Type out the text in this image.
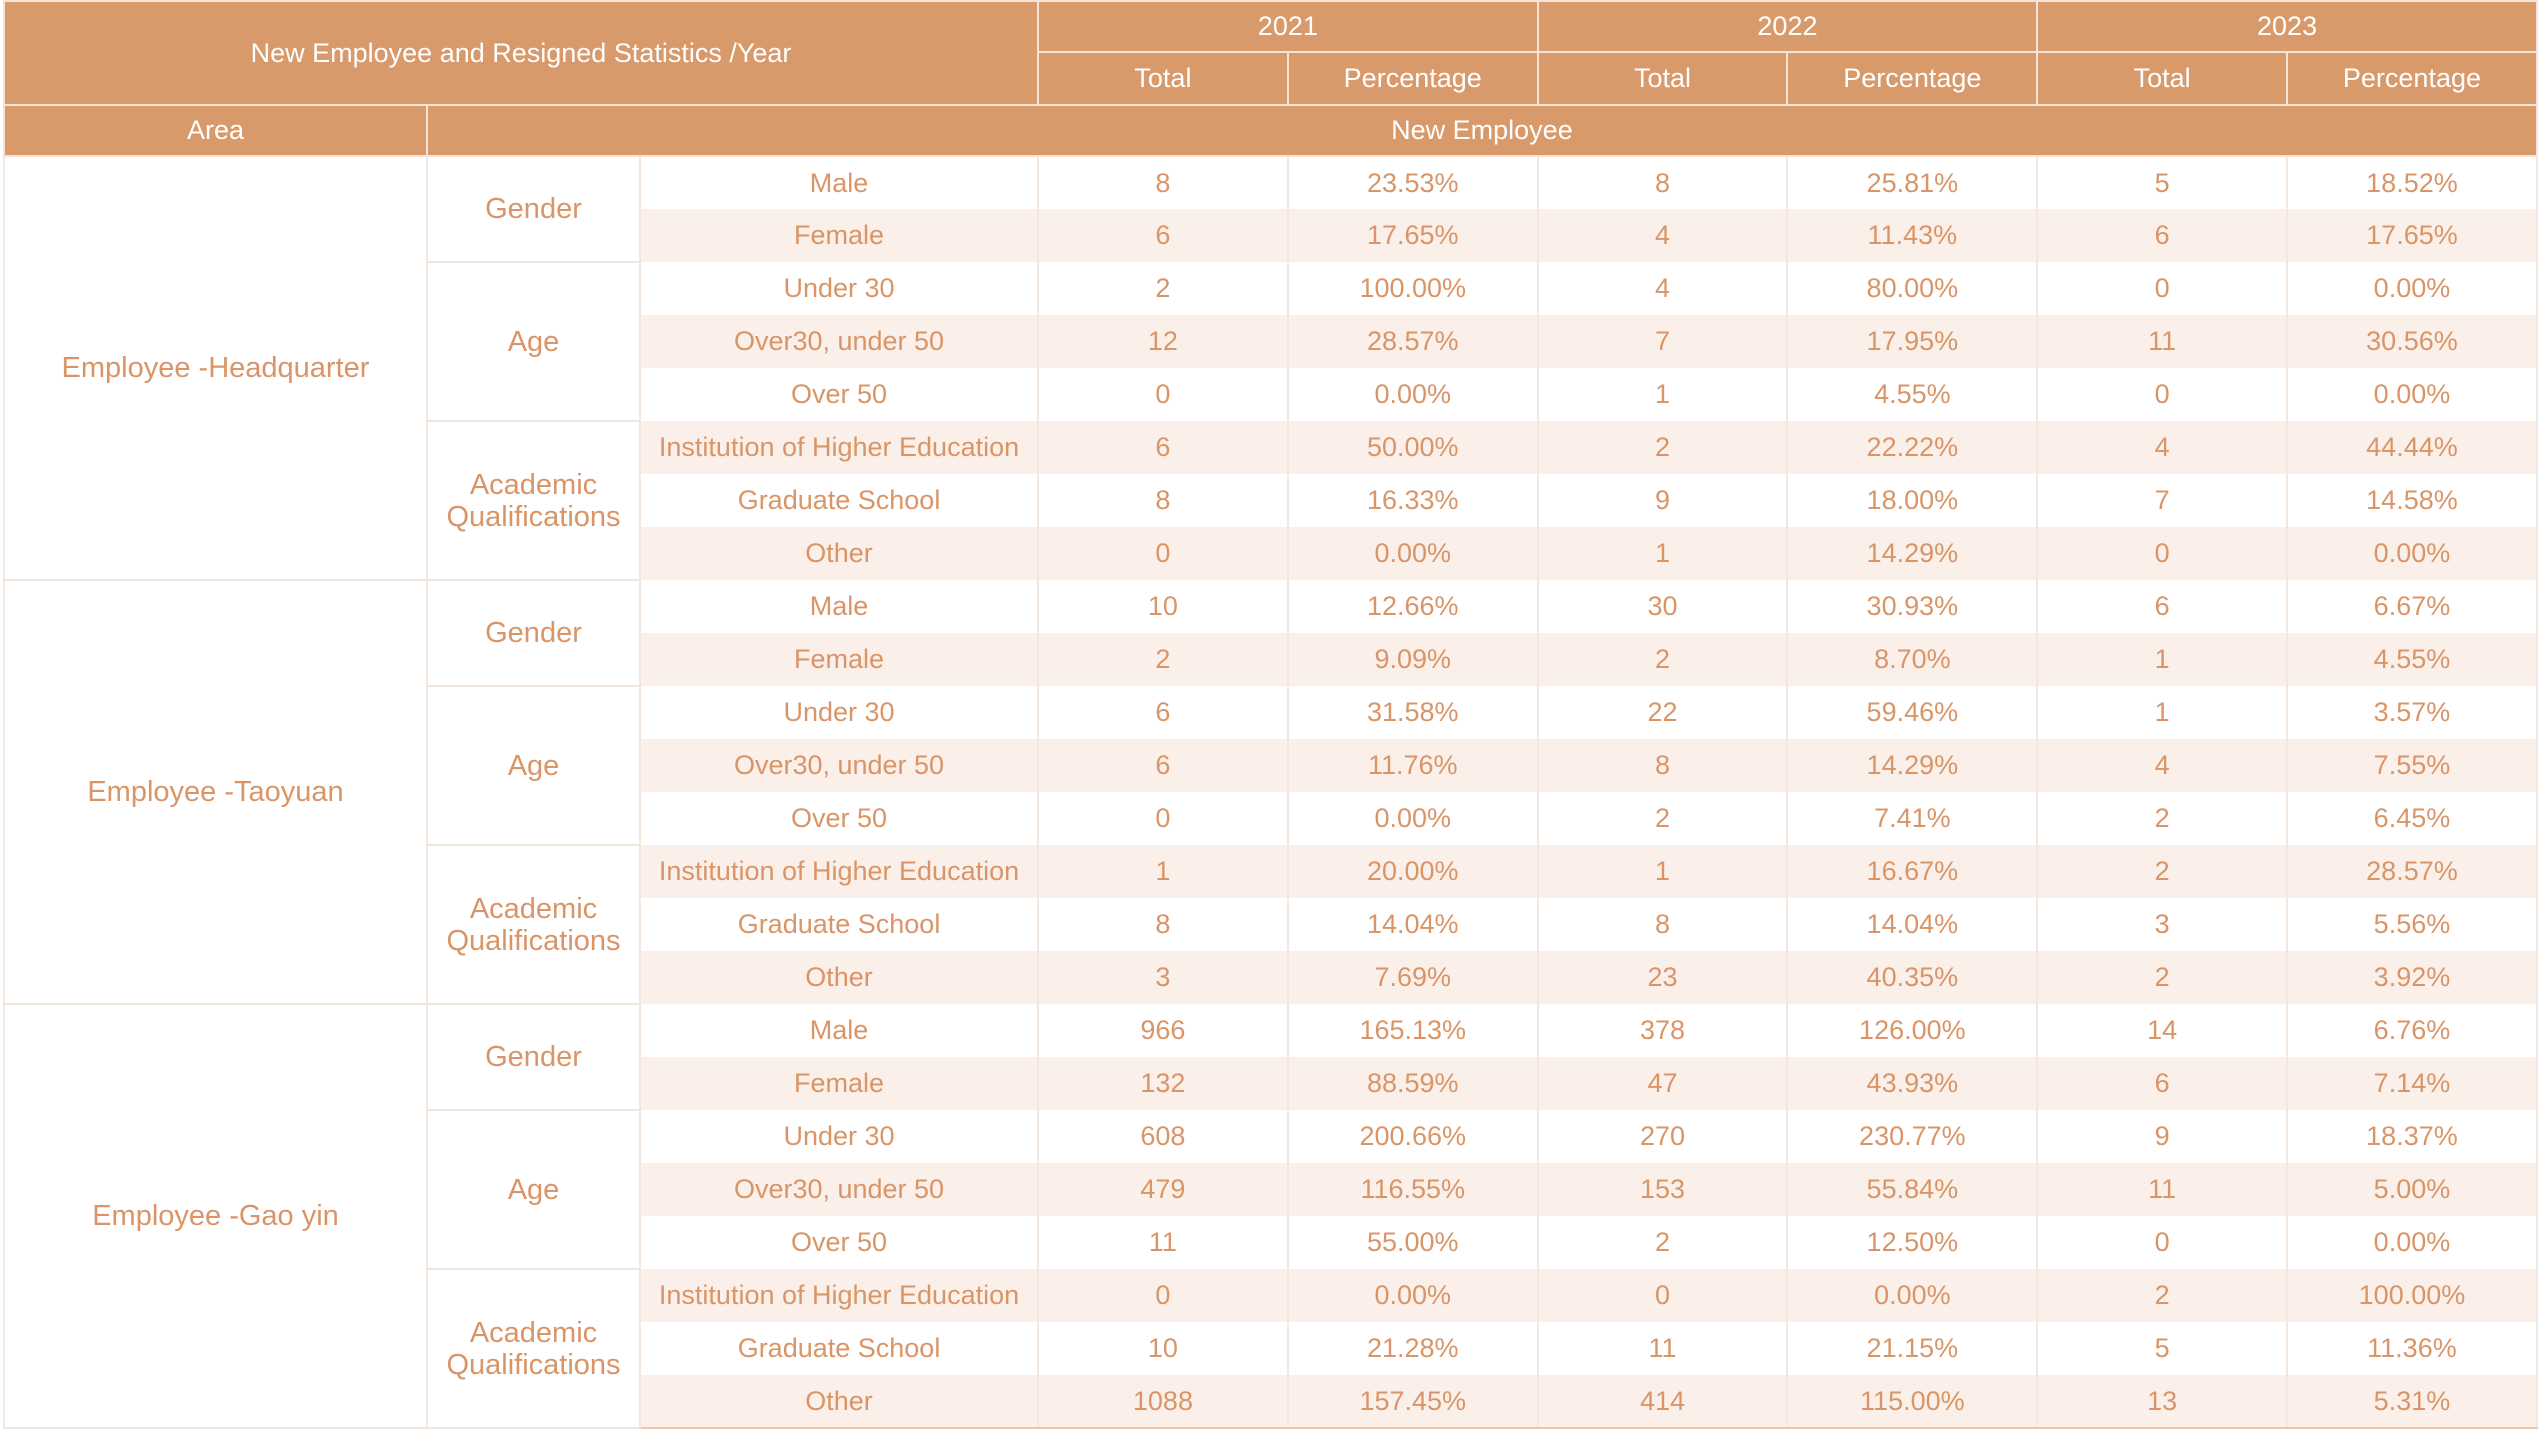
New Employee and Resigned Statistics /Year			2021		2022		2023	
			Total	Percentage	Total	Percentage	Total	Percentage
Area	New Employee							
Employee -Headquarter	Gender	Male	8	23.53%	8	25.81%	5	18.52%
		Female	6	17.65%	4	11.43%	6	17.65%
	Age	Under 30	2	100.00%	4	80.00%	0	0.00%
		Over30, under 50	12	28.57%	7	17.95%	11	30.56%
		Over 50	0	0.00%	1	4.55%	0	0.00%
	Academic Qualifications	Institution of Higher Education	6	50.00%	2	22.22%	4	44.44%
		Graduate School	8	16.33%	9	18.00%	7	14.58%
		Other	0	0.00%	1	14.29%	0	0.00%
Employee -Taoyuan	Gender	Male	10	12.66%	30	30.93%	6	6.67%
		Female	2	9.09%	2	8.70%	1	4.55%
	Age	Under 30	6	31.58%	22	59.46%	1	3.57%
		Over30, under 50	6	11.76%	8	14.29%	4	7.55%
		Over 50	0	0.00%	2	7.41%	2	6.45%
	Academic Qualifications	Institution of Higher Education	1	20.00%	1	16.67%	2	28.57%
		Graduate School	8	14.04%	8	14.04%	3	5.56%
		Other	3	7.69%	23	40.35%	2	3.92%
Employee -Gao yin	Gender	Male	966	165.13%	378	126.00%	14	6.76%
		Female	132	88.59%	47	43.93%	6	7.14%
	Age	Under 30	608	200.66%	270	230.77%	9	18.37%
		Over30, under 50	479	116.55%	153	55.84%	11	5.00%
		Over 50	11	55.00%	2	12.50%	0	0.00%
	Academic Qualifications	Institution of Higher Education	0	0.00%	0	0.00%	2	100.00%
		Graduate School	10	21.28%	11	21.15%	5	11.36%
		Other	1088	157.45%	414	115.00%	13	5.31%
